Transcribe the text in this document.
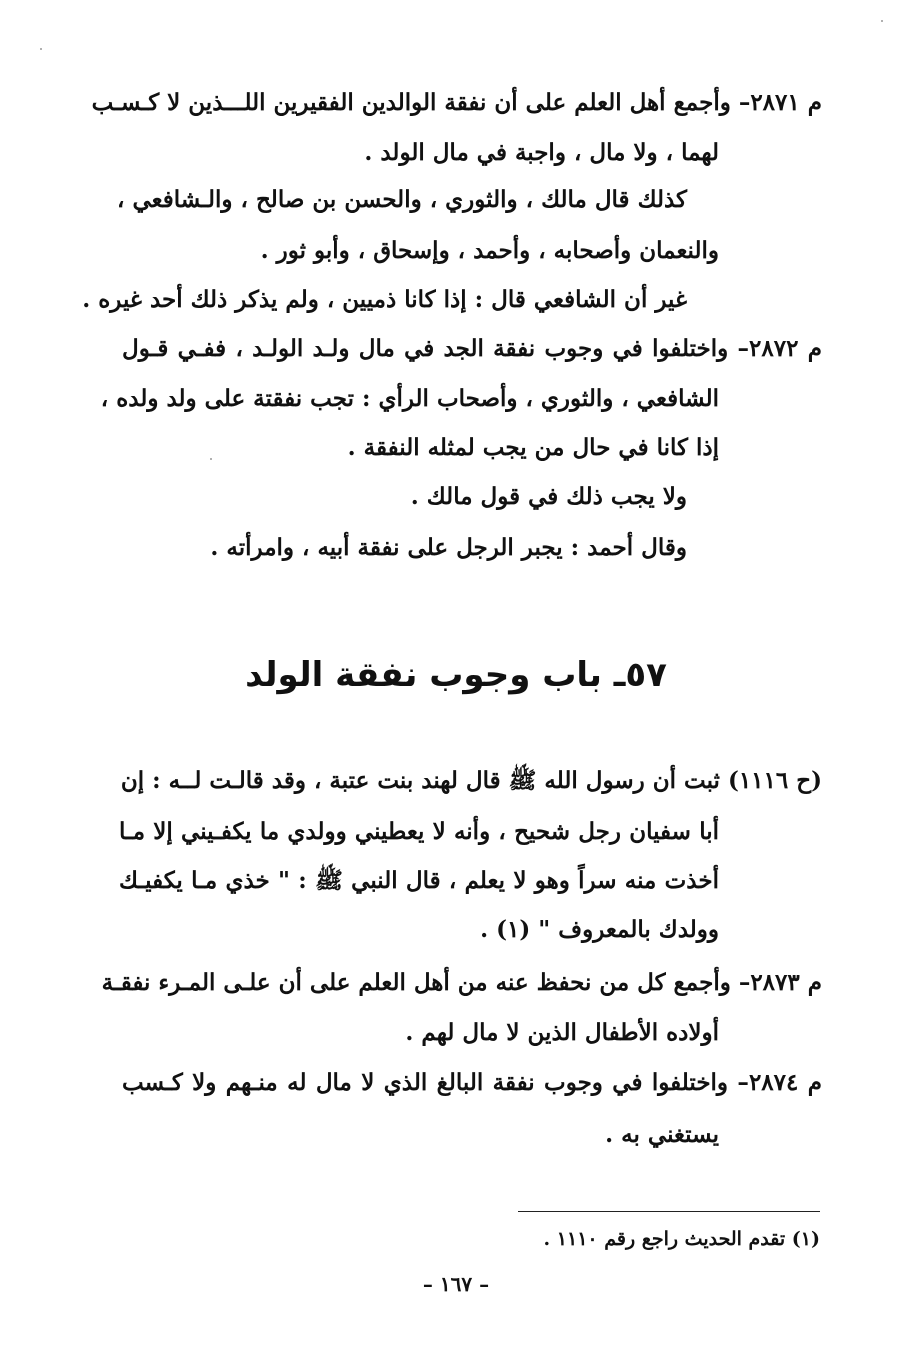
م ٢٨٧١– وأجمع أهل العلم على أن نفقة الوالدين الفقيرين اللـــذين لا كـسـب
لهما ، ولا مال ، واجبة في مال الولد .
كذلك قال مالك ، والثوري ، والحسن بن صالح ، والـشافعي ،
والنعمان وأصحابه ، وأحمد ، وإسحاق ، وأبو ثور .
غير أن الشافعي قال : إذا كانا ذميين ، ولم يذكر ذلك أحد غيره .
م ٢٨٧٢– واختلفوا في وجوب نفقة الجد في مال ولـد الولـد ، ففـي قـول
الشافعي ، والثوري ، وأصحاب الرأي : تجب نفقتة على ولد ولده ،
إذا كانا في حال من يجب لمثله النفقة .
ولا يجب ذلك في قول مالك .
وقال أحمد : يجبر الرجل على نفقة أبيه ، وامرأته .
٥٧ـ باب وجوب نفقة الولد
(ح ١١١٦) ثبت أن رسول الله ﷺ قال لهند بنت عتبة ، وقد قالـت لــه : إن
أبا سفيان رجل شحيح ، وأنه لا يعطيني وولدي ما يكفـيني إلا مـا
أخذت منه سراً وهو لا يعلم ، قال النبي ﷺ : " خذي مـا يكفيـك
وولدك بالمعروف " (١) .
م ٢٨٧٣– وأجمع كل من نحفظ عنه من أهل العلم على أن علـى المـرء نفقـة
أولاده الأطفال الذين لا مال لهم .
م ٢٨٧٤– واختلفوا في وجوب نفقة البالغ الذي لا مال له منـهم ولا كـسب
يستغني به .
(١) تقدم الحديث راجع رقم ١١١٠ .
– ١٦٧ –
